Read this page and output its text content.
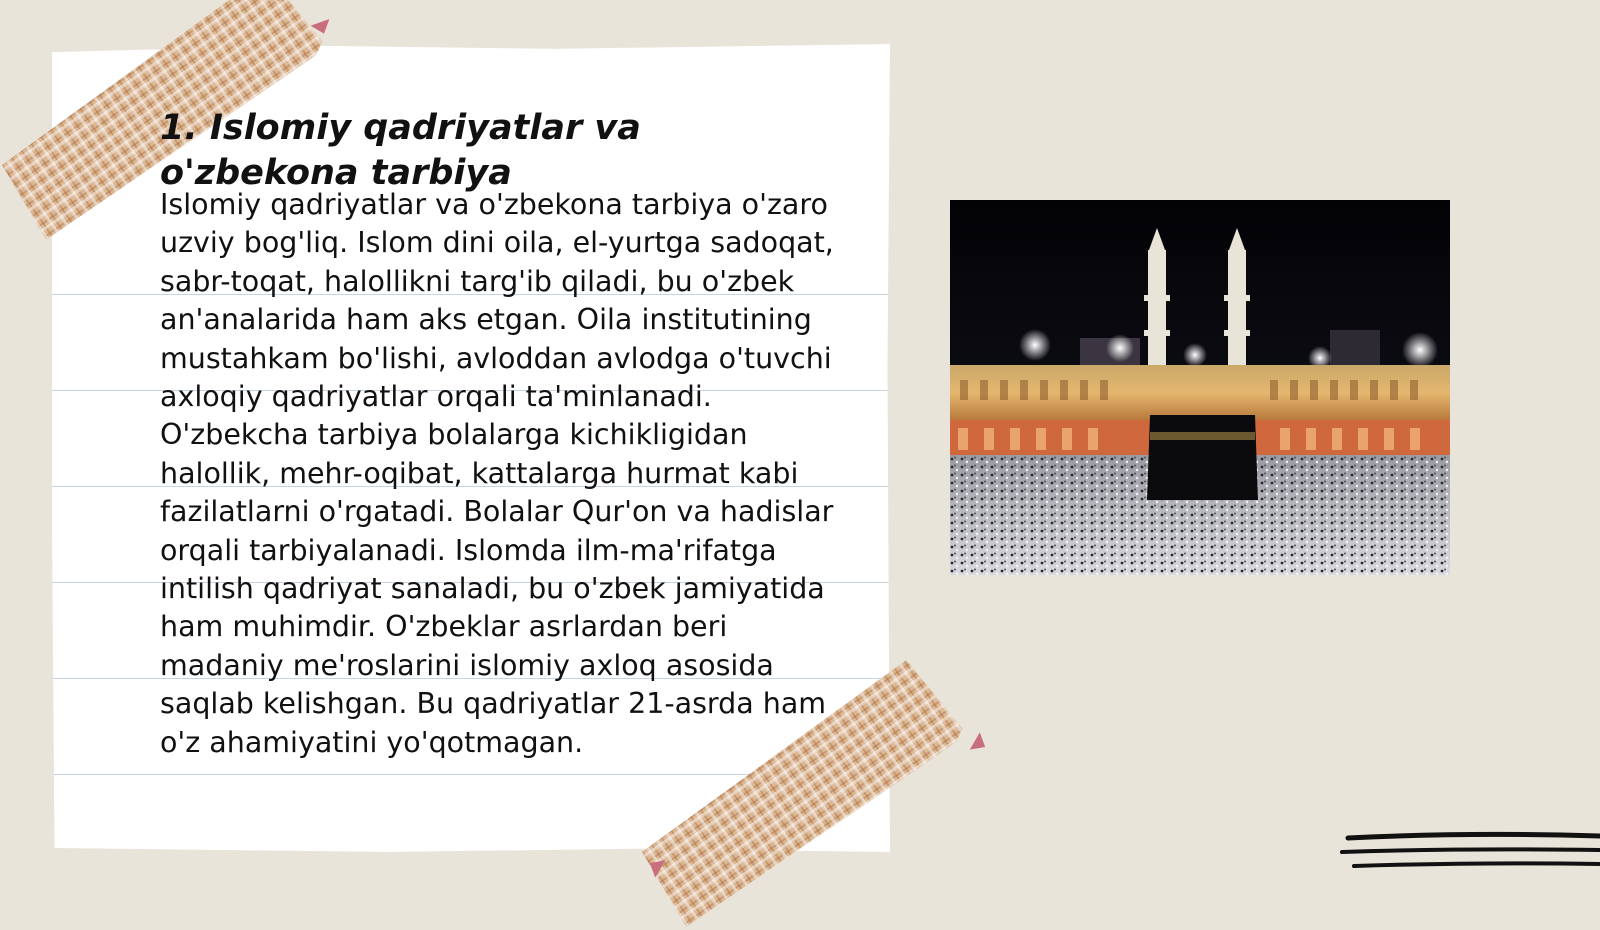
1. Islomiy qadriyatlar va o'zbekona tarbiya

Islomiy qadriyatlar va o'zbekona tarbiya o'zaro uzviy bog'liq. Islom dini oila, el-yurtga sadoqat, sabr-toqat, halollikni targ'ib qiladi, bu o'zbek an'analarida ham aks etgan. Oila institutining mustahkam bo'lishi, avloddan avlodga o'tuvchi axloqiy qadriyatlar orqali ta'minlanadi. O'zbekcha tarbiya bolalarga kichikligidan halollik, mehr-oqibat, kattalarga hurmat kabi fazilatlarni o'rgatadi. Bolalar Qur'on va hadislar orqali tarbiyalanadi. Islomda ilm-ma'rifatga intilish qadriyat sanaladi, bu o'zbek jamiyatida ham muhimdir. O'zbeklar asrlardan beri madaniy me'roslarini islomiy axloq asosida saqlab kelishgan. Bu qadriyatlar 21-asrda ham o'z ahamiyatini yo'qotmagan.
